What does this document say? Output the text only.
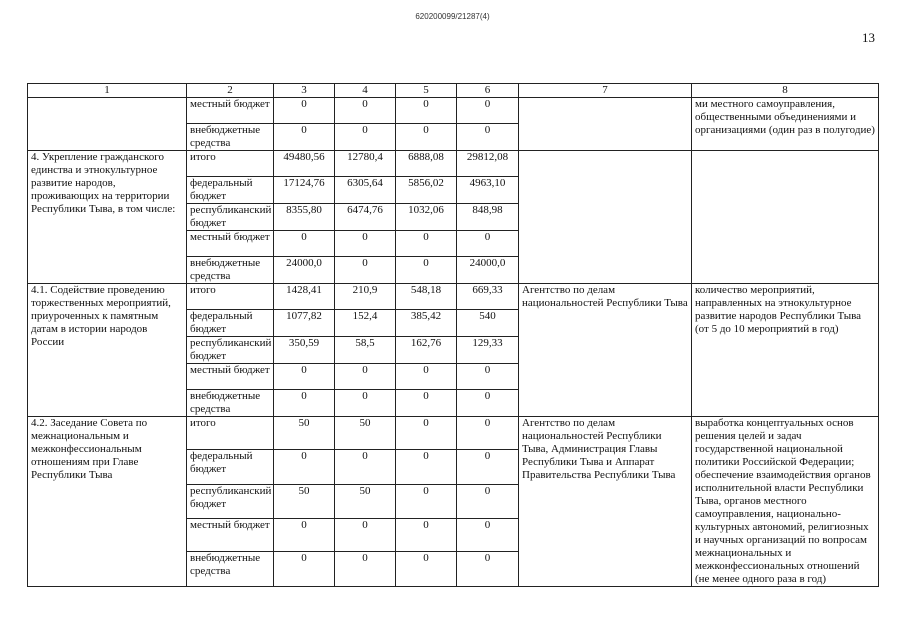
620200099/21287(4)
13
1	2	3	4	5	6	7	8
	местный бюджет	0	0	0	0		ми местного самоуправления, общественными объединениями и организациями (один раз в полугодие)
	внебюджетные средства	0	0	0	0		
4. Укрепление гражданского единства и этнокультурное развитие народов, проживающих на территории Республики Тыва, в том числе:	итого	49480,56	12780,4	6888,08	29812,08		
	федеральный бюджет	17124,76	6305,64	5856,02	4963,10		
	республиканский бюджет	8355,80	6474,76	1032,06	848,98		
	местный бюджет	0	0	0	0		
	внебюджетные средства	24000,0	0	0	24000,0		
4.1. Содействие проведению торжественных мероприятий, приуроченных к памятным датам в истории народов России	итого	1428,41	210,9	548,18	669,33	Агентство по делам национальностей Республики Тыва	количество мероприятий, направленных на этнокультурное развитие народов Республики Тыва (от 5 до 10 мероприятий в год)
	федеральный бюджет	1077,82	152,4	385,42	540		
	республиканский бюджет	350,59	58,5	162,76	129,33		
	местный бюджет	0	0	0	0		
	внебюджетные средства	0	0	0	0		
4.2. Заседание Совета по межнациональным и межконфессиональным отношениям при Главе Республики Тыва	итого	50	50	0	0	Агентство по делам национальностей Республики Тыва, Администрация Главы Республики Тыва и Аппарат Правительства Республики Тыва	выработка концептуальных основ решения целей и задач государственной национальной политики Российской Федерации; обеспечение взаимодействия органов исполнительной власти Республики Тыва, органов местного самоуправления, национально-культурных автономий, религиозных и научных организаций по вопросам межнациональных и межконфессиональных отношений (не менее одного раза в год)
	федеральный бюджет	0	0	0	0		
	республиканский бюджет	50	50	0	0		
	местный бюджет	0	0	0	0		
	внебюджетные средства	0	0	0	0		
